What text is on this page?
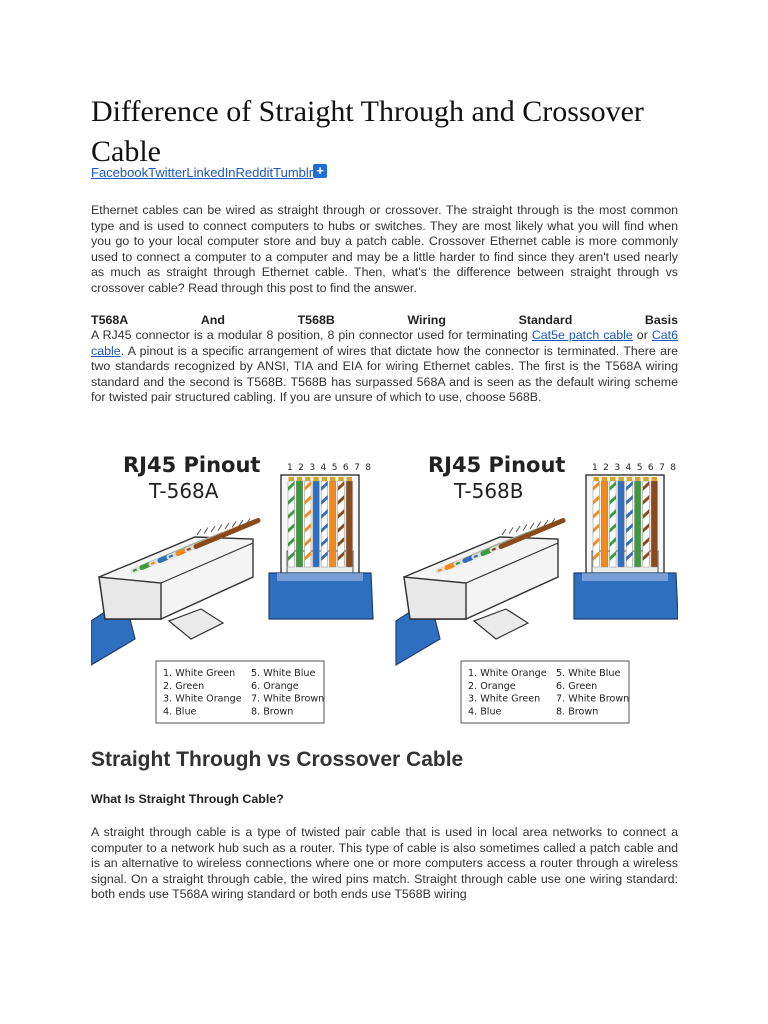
Difference of Straight Through and Crossover Cable
FacebookTwitterLinkedInRedditTumblr +

Ethernet cables can be wired as straight through or crossover. The straight through is the most common type and is used to connect computers to hubs or switches. They are most likely what you will find when you go to your local computer store and buy a patch cable. Crossover Ethernet cable is more commonly used to connect a computer to a computer and may be a little harder to find since they aren't used nearly as much as straight through Ethernet cable. Then, what's the difference between straight through vs crossover cable? Read through this post to find the answer.

T568A	And	T568B	Wiring	Standard	Basis

A RJ45 connector is a modular 8 position, 8 pin connector used for terminating Cat5e patch cable or Cat6 cable. A pinout is a specific arrangement of wires that dictate how the connector is terminated. There are two standards recognized by ANSI, TIA and EIA for wiring Ethernet cables. The first is the T568A wiring standard and the second is T568B. T568B has surpassed 568A and is seen as the default wiring scheme for twisted pair structured cabling. If you are unsure of which to use, choose 568B.

RJ45 Pinout
T-568A
1 2 3 4 5 6 7 8
1. White Green
2. Green
3. White Orange
4. Blue
5. White Blue
6. Orange
7. White Brown
8. Brown
RJ45 Pinout
T-568B
1 2 3 4 5 6 7 8
1. White Orange
2. Orange
3. White Green
4. Blue
5. White Blue
6. Green
7. White Brown
8. Brown
Straight Through vs Crossover Cable
What Is Straight Through Cable?

A straight through cable is a type of twisted pair cable that is used in local area networks to connect a computer to a network hub such as a router. This type of cable is also sometimes called a patch cable and is an alternative to wireless connections where one or more computers access a router through a wireless signal. On a straight through cable, the wired pins match. Straight through cable use one wiring standard: both ends use T568A wiring standard or both ends use T568B wiring
